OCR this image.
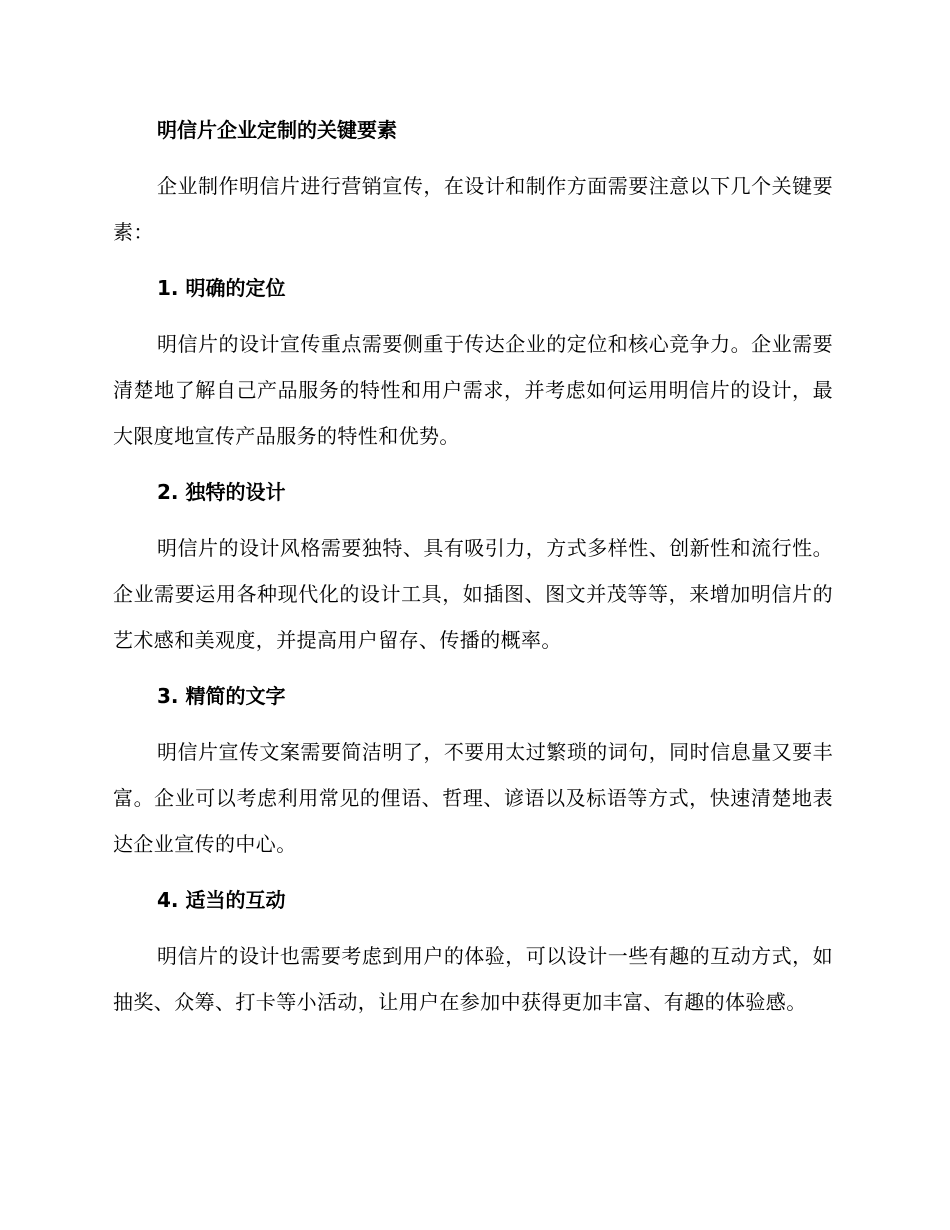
明信片企业定制的关键要素

企业制作明信片进行营销宣传，在设计和制作方面需要注意以下几个关键要素：

1. 明确的定位

明信片的设计宣传重点需要侧重于传达企业的定位和核心竞争力。企业需要清楚地了解自己产品服务的特性和用户需求，并考虑如何运用明信片的设计，最大限度地宣传产品服务的特性和优势。

2. 独特的设计

明信片的设计风格需要独特、具有吸引力，方式多样性、创新性和流行性。企业需要运用各种现代化的设计工具，如插图、图文并茂等等，来增加明信片的艺术感和美观度，并提高用户留存、传播的概率。

3. 精简的文字

明信片宣传文案需要简洁明了，不要用太过繁琐的词句，同时信息量又要丰富。企业可以考虑利用常见的俚语、哲理、谚语以及标语等方式，快速清楚地表达企业宣传的中心。

4. 适当的互动

明信片的设计也需要考虑到用户的体验，可以设计一些有趣的互动方式，如抽奖、众筹、打卡等小活动，让用户在参加中获得更加丰富、有趣的体验感。
